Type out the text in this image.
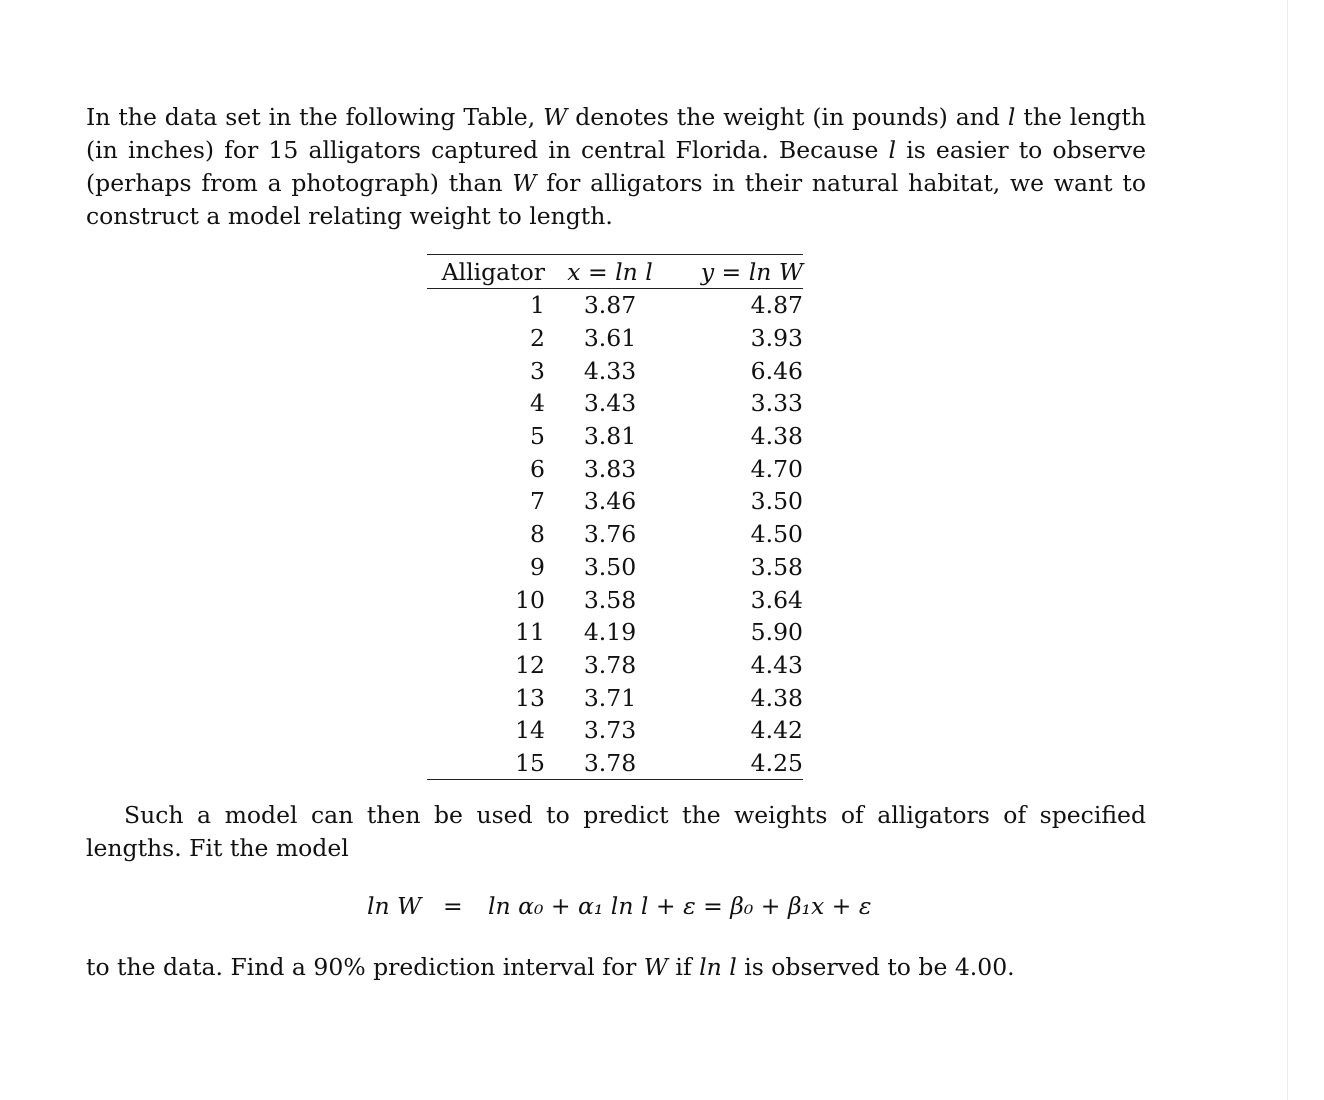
In the data set in the following Table, W denotes the weight (in pounds) and l the length (in inches) for 15 alligators captured in central Florida. Because l is easier to observe (perhaps from a photograph) than W for alligators in their natural habitat, we want to construct a model relating weight to length.

Alligator	x = ln l	y = ln W
1	3.87	4.87
2	3.61	3.93
3	4.33	6.46
4	3.43	3.33
5	3.81	4.38
6	3.83	4.70
7	3.46	3.50
8	3.76	4.50
9	3.50	3.58
10	3.58	3.64
11	4.19	5.90
12	3.78	4.43
13	3.71	4.38
14	3.73	4.42
15	3.78	4.25

Such a model can then be used to predict the weights of alligators of specified lengths. Fit the model

ln W = ln α₀ + α₁ ln l + ε = β₀ + β₁x + ε

to the data. Find a 90% prediction interval for W if ln l is observed to be 4.00.
